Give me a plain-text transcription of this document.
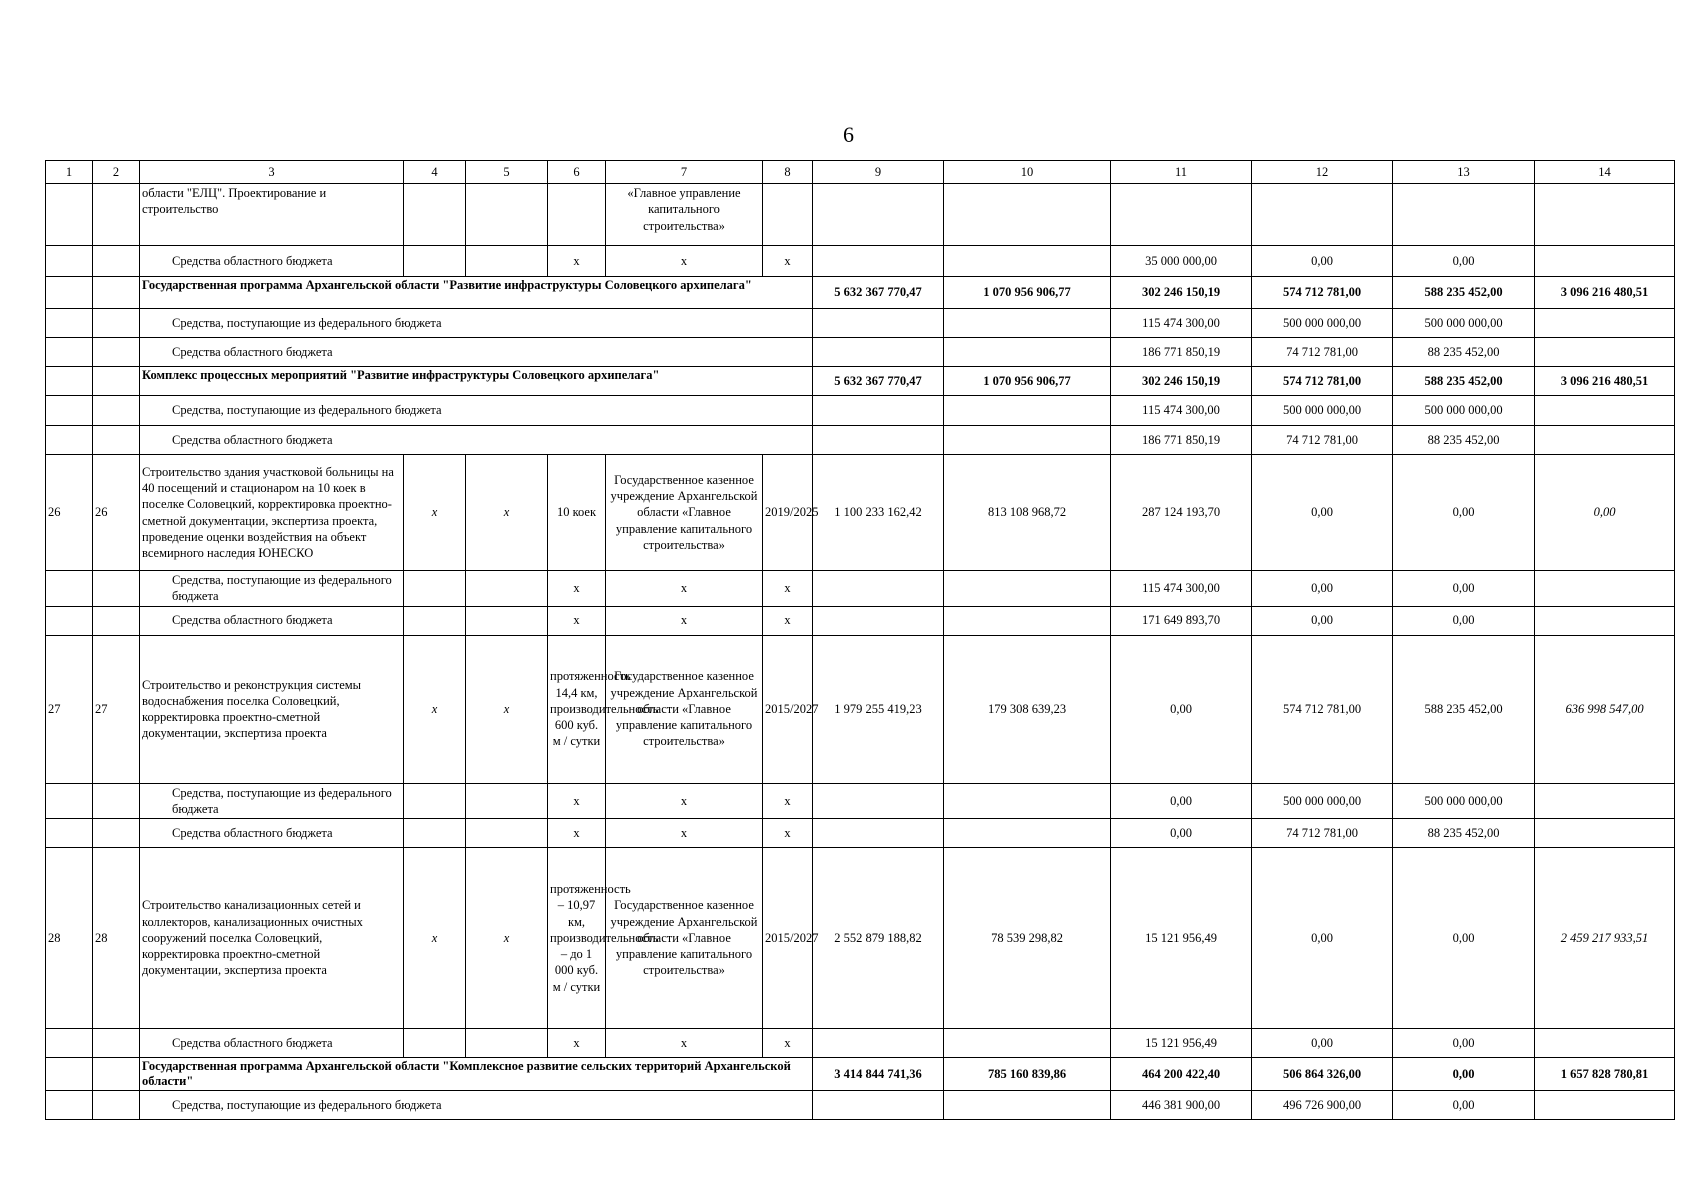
6
1	2	3	4	5	6	7	8	9	10	11	12	13	14
		области "ЕЛЦ". Проектирование и строительство				«Главное управление капитального строительства»							
		Средства областного бюджета			x	x	x			35 000 000,00	0,00	0,00	
		Государственная программа Архангельской области "Развитие инфраструктуры Соловецкого архипелага"						5 632 367 770,47	1 070 956 906,77	302 246 150,19	574 712 781,00	588 235 452,00	3 096 216 480,51
		Средства, поступающие из федерального бюджета								115 474 300,00	500 000 000,00	500 000 000,00	
		Средства областного бюджета								186 771 850,19	74 712 781,00	88 235 452,00	
		Комплекс процессных мероприятий "Развитие инфраструктуры Соловецкого архипелага"						5 632 367 770,47	1 070 956 906,77	302 246 150,19	574 712 781,00	588 235 452,00	3 096 216 480,51
		Средства, поступающие из федерального бюджета								115 474 300,00	500 000 000,00	500 000 000,00	
		Средства областного бюджета								186 771 850,19	74 712 781,00	88 235 452,00	
26	26	Строительство здания участковой больницы на 40 посещений и стационаром на 10 коек в поселке Соловецкий, корректировка проектно-сметной документации, экспертиза проекта, проведение оценки воздействия на объект всемирного наследия ЮНЕСКО	x	x	10 коек	Государственное казенное учреждение Архангельской области «Главное управление капитального строительства»	2019/2025	1 100 233 162,42	813 108 968,72	287 124 193,70	0,00	0,00	0,00
		Средства, поступающие из федерального бюджета			x	x	x			115 474 300,00	0,00	0,00	
		Средства областного бюджета			x	x	x			171 649 893,70	0,00	0,00	
27	27	Строительство и реконструкция системы водоснабжения поселка Соловецкий, корректировка проектно-сметной документации, экспертиза проекта	x	x	протяженность 14,4 км, производительность 600 куб. м / сутки	Государственное казенное учреждение Архангельской области «Главное управление капитального строительства»	2015/2027	1 979 255 419,23	179 308 639,23	0,00	574 712 781,00	588 235 452,00	636 998 547,00
		Средства, поступающие из федерального бюджета			x	x	x			0,00	500 000 000,00	500 000 000,00	
		Средства областного бюджета			x	x	x			0,00	74 712 781,00	88 235 452,00	
28	28	Строительство канализационных сетей и коллекторов, канализационных очистных сооружений поселка Соловецкий, корректировка проектно-сметной документации, экспертиза проекта	x	x	протяженность – 10,97 км, производительность – до 1 000 куб. м / сутки	Государственное казенное учреждение Архангельской области «Главное управление капитального строительства»	2015/2027	2 552 879 188,82	78 539 298,82	15 121 956,49	0,00	0,00	2 459 217 933,51
		Средства областного бюджета			x	x	x			15 121 956,49	0,00	0,00	
		Государственная программа Архангельской области "Комплексное развитие сельских территорий Архангельской области"						3 414 844 741,36	785 160 839,86	464 200 422,40	506 864 326,00	0,00	1 657 828 780,81
		Средства, поступающие из федерального бюджета								446 381 900,00	496 726 900,00	0,00	
